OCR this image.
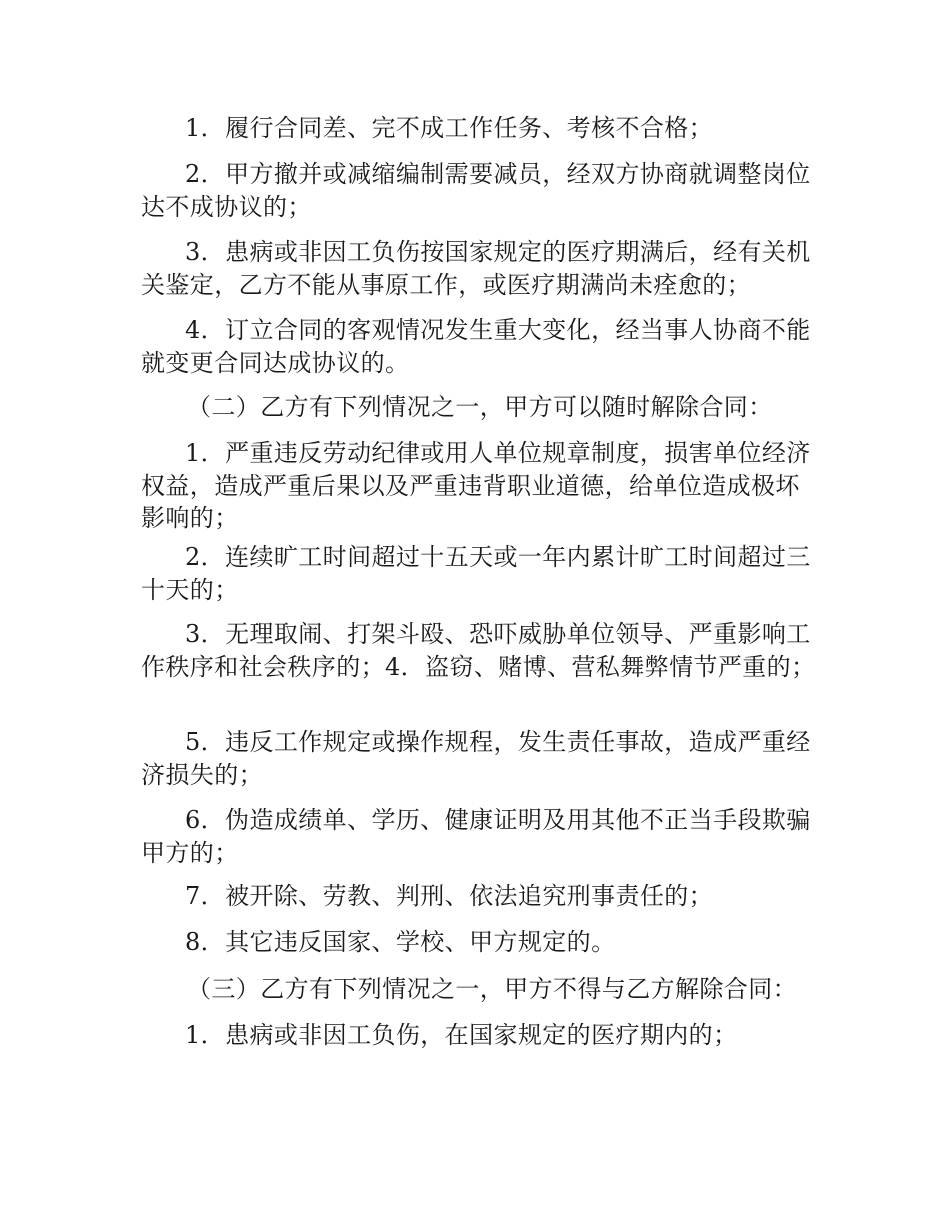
1．履行合同差、完不成工作任务、考核不合格；

2．甲方撤并或减缩编制需要减员，经双方协商就调整岗位达不成协议的；

3．患病或非因工负伤按国家规定的医疗期满后，经有关机关鉴定，乙方不能从事原工作，或医疗期满尚未痊愈的；

4．订立合同的客观情况发生重大变化，经当事人协商不能就变更合同达成协议的。

（二）乙方有下列情况之一，甲方可以随时解除合同：

1．严重违反劳动纪律或用人单位规章制度，损害单位经济权益，造成严重后果以及严重违背职业道德，给单位造成极坏影响的；

2．连续旷工时间超过十五天或一年内累计旷工时间超过三十天的；

3．无理取闹、打架斗殴、恐吓威胁单位领导、严重影响工作秩序和社会秩序的；4．盗窃、赌博、营私舞弊情节严重的；

5．违反工作规定或操作规程，发生责任事故，造成严重经济损失的；

6．伪造成绩单、学历、健康证明及用其他不正当手段欺骗甲方的；

7．被开除、劳教、判刑、依法追究刑事责任的；

8．其它违反国家、学校、甲方规定的。

（三）乙方有下列情况之一，甲方不得与乙方解除合同：

1．患病或非因工负伤，在国家规定的医疗期内的；
